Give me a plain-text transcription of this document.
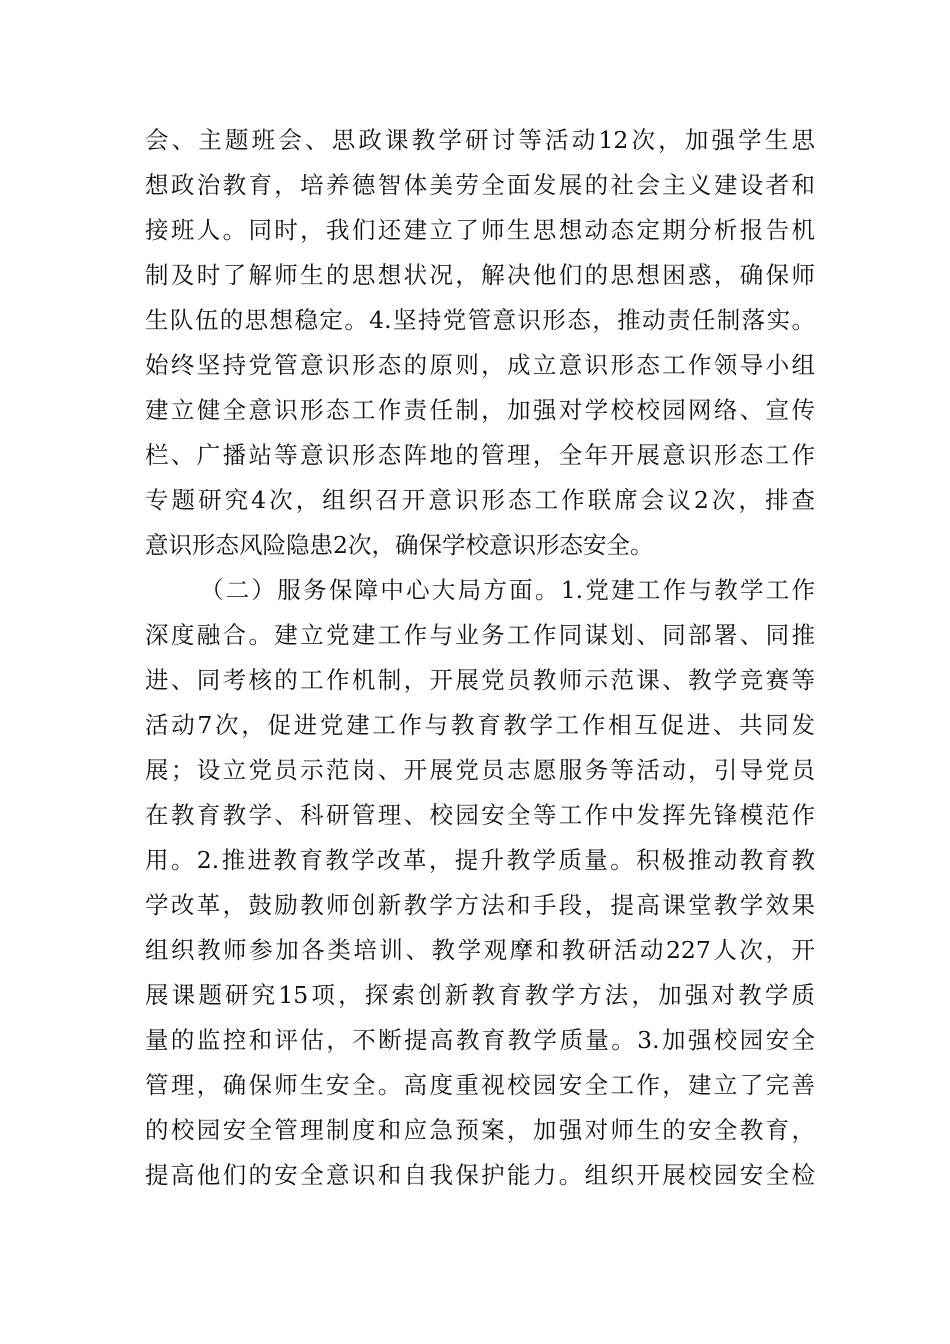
会、主题班会、思政课教学研讨等活动12次，加强学生思
想政治教育，培养德智体美劳全面发展的社会主义建设者和
接班人。同时，我们还建立了师生思想动态定期分析报告机
制及时了解师生的思想状况，解决他们的思想困惑，确保师
生队伍的思想稳定。4.坚持党管意识形态，推动责任制落实。
始终坚持党管意识形态的原则，成立意识形态工作领导小组
建立健全意识形态工作责任制，加强对学校校园网络、宣传
栏、广播站等意识形态阵地的管理，全年开展意识形态工作
专题研究4次，组织召开意识形态工作联席会议2次，排查
意识形态风险隐患2次，确保学校意识形态安全。
（二）服务保障中心大局方面。1.党建工作与教学工作
深度融合。建立党建工作与业务工作同谋划、同部署、同推
进、同考核的工作机制，开展党员教师示范课、教学竞赛等
活动7次，促进党建工作与教育教学工作相互促进、共同发
展；设立党员示范岗、开展党员志愿服务等活动，引导党员
在教育教学、科研管理、校园安全等工作中发挥先锋模范作
用。2.推进教育教学改革，提升教学质量。积极推动教育教
学改革，鼓励教师创新教学方法和手段，提高课堂教学效果
组织教师参加各类培训、教学观摩和教研活动227人次，开
展课题研究15项，探索创新教育教学方法，加强对教学质
量的监控和评估，不断提高教育教学质量。3.加强校园安全
管理，确保师生安全。高度重视校园安全工作，建立了完善
的校园安全管理制度和应急预案，加强对师生的安全教育，
提高他们的安全意识和自我保护能力。组织开展校园安全检
